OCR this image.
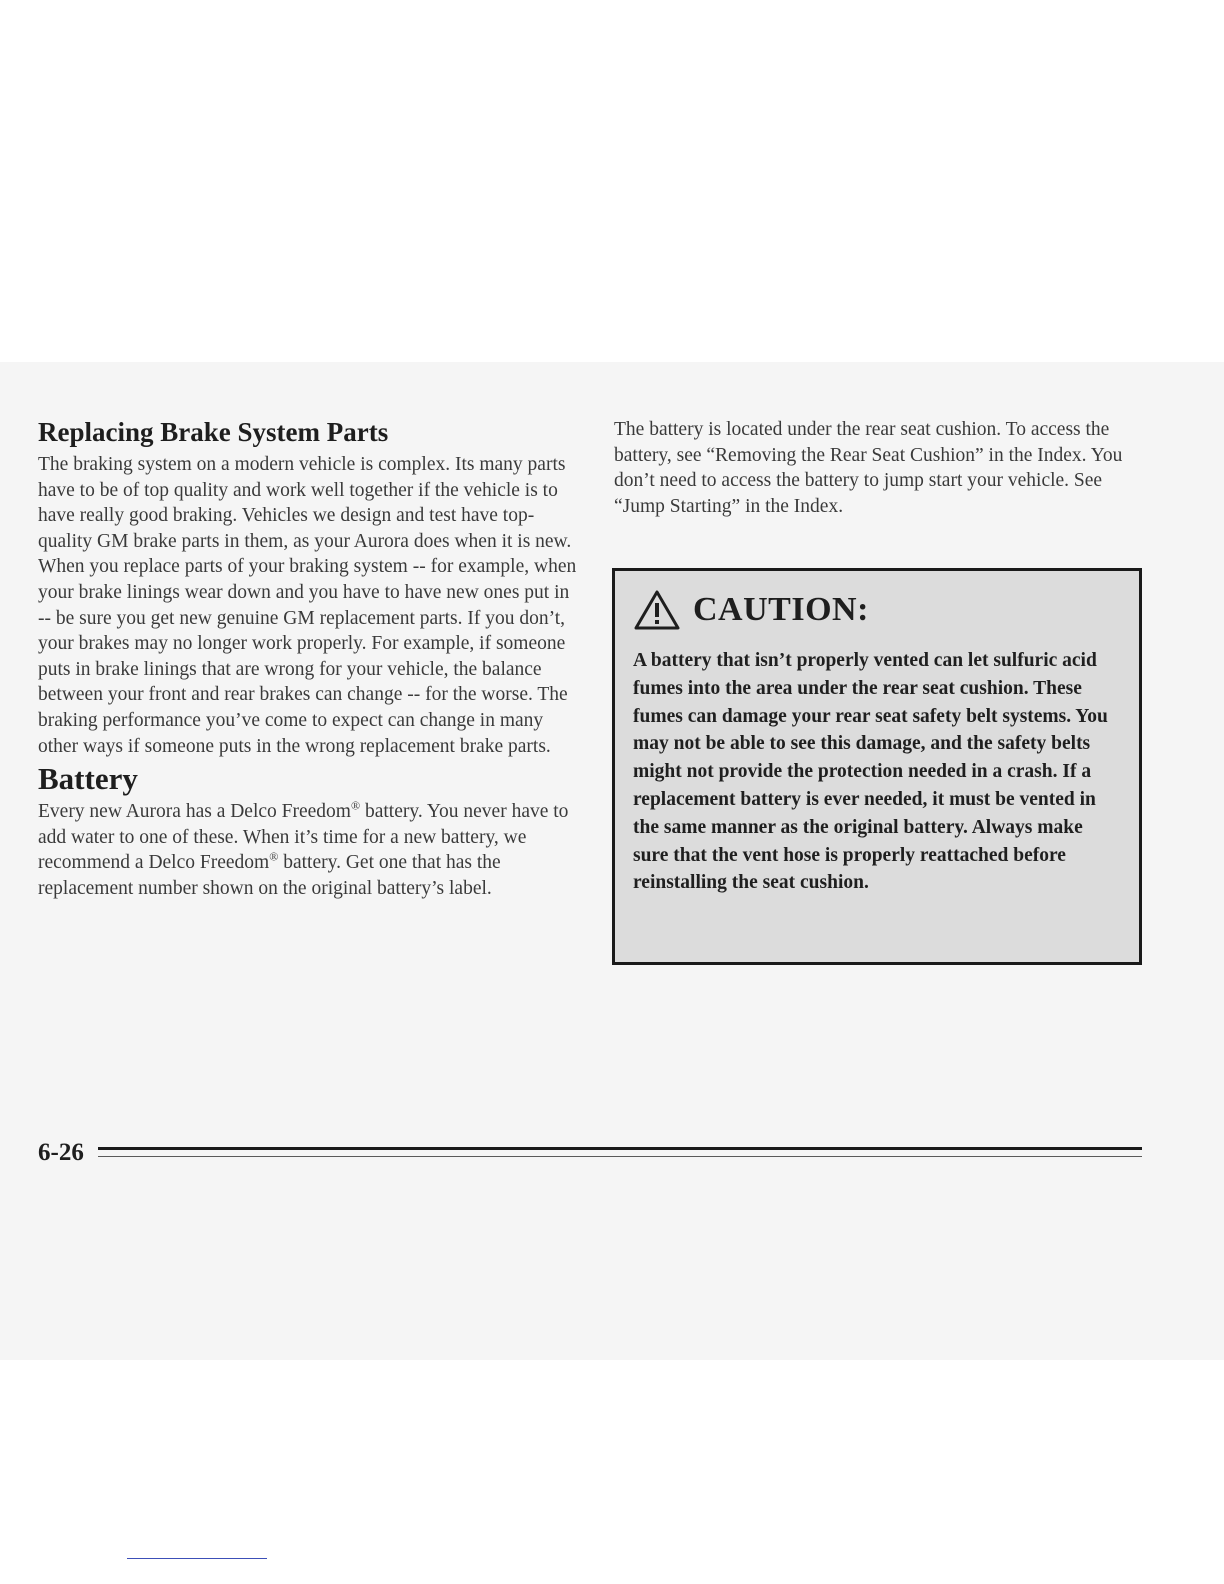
Replacing Brake System Parts

The braking system on a modern vehicle is complex. Its many parts have to be of top quality and work well together if the vehicle is to have really good braking. Vehicles we design and test have top-quality GM brake parts in them, as your Aurora does when it is new. When you replace parts of your braking system -- for example, when your brake linings wear down and you have to have new ones put in -- be sure you get new genuine GM replacement parts. If you don’t, your brakes may no longer work properly. For example, if someone puts in brake linings that are wrong for your vehicle, the balance between your front and rear brakes can change -- for the worse. The braking performance you’ve come to expect can change in many other ways if someone puts in the wrong replacement brake parts.

Battery

Every new Aurora has a Delco Freedom® battery. You never have to add water to one of these. When it’s time for a new battery, we recommend a Delco Freedom® battery. Get one that has the replacement number shown on the original battery’s label.

The battery is located under the rear seat cushion. To access the battery, see “Removing the Rear Seat Cushion” in the Index. You don’t need to access the battery to jump start your vehicle. See “Jump Starting” in the Index.

CAUTION:

A battery that isn’t properly vented can let sulfuric acid fumes into the area under the rear seat cushion. These fumes can damage your rear seat safety belt systems. You may not be able to see this damage, and the safety belts might not provide the protection needed in a crash. If a replacement battery is ever needed, it must be vented in the same manner as the original battery. Always make sure that the vent hose is properly reattached before reinstalling the seat cushion.

6-26
